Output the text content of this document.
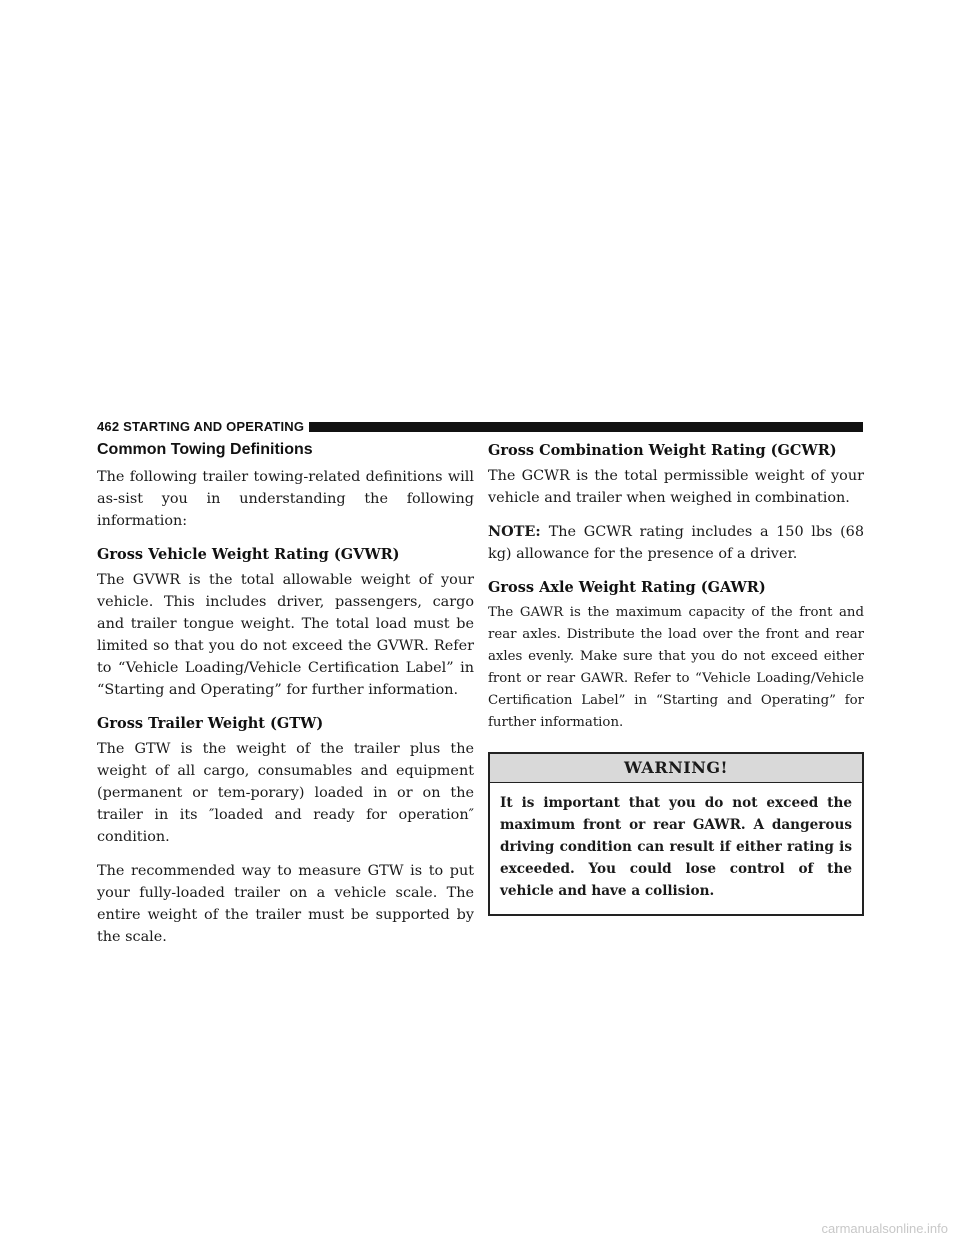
462 STARTING AND OPERATING
Common Towing Definitions

The following trailer towing-related definitions will as-sist you in understanding the following information:

Gross Vehicle Weight Rating (GVWR)

The GVWR is the total allowable weight of your vehicle. This includes driver, passengers, cargo and trailer tongue weight. The total load must be limited so that you do not exceed the GVWR. Refer to “Vehicle Loading/Vehicle Certification Label” in “Starting and Operating” for further information.

Gross Trailer Weight (GTW)

The GTW is the weight of the trailer plus the weight of all cargo, consumables and equipment (permanent or tem-porary) loaded in or on the trailer in its ″loaded and ready for operation″ condition.

The recommended way to measure GTW is to put your fully-loaded trailer on a vehicle scale. The entire weight of the trailer must be supported by the scale.

Gross Combination Weight Rating (GCWR)

The GCWR is the total permissible weight of your vehicle and trailer when weighed in combination.

NOTE: The GCWR rating includes a 150 lbs (68 kg) allowance for the presence of a driver.

Gross Axle Weight Rating (GAWR)

The GAWR is the maximum capacity of the front and rear axles. Distribute the load over the front and rear axles evenly. Make sure that you do not exceed either front or rear GAWR. Refer to “Vehicle Loading/Vehicle Certification Label” in “Starting and Operating” for further information.

WARNING!
It is important that you do not exceed the maximum front or rear GAWR. A dangerous driving condition can result if either rating is exceeded. You could lose control of the vehicle and have a collision.
carmanualsonline.info
